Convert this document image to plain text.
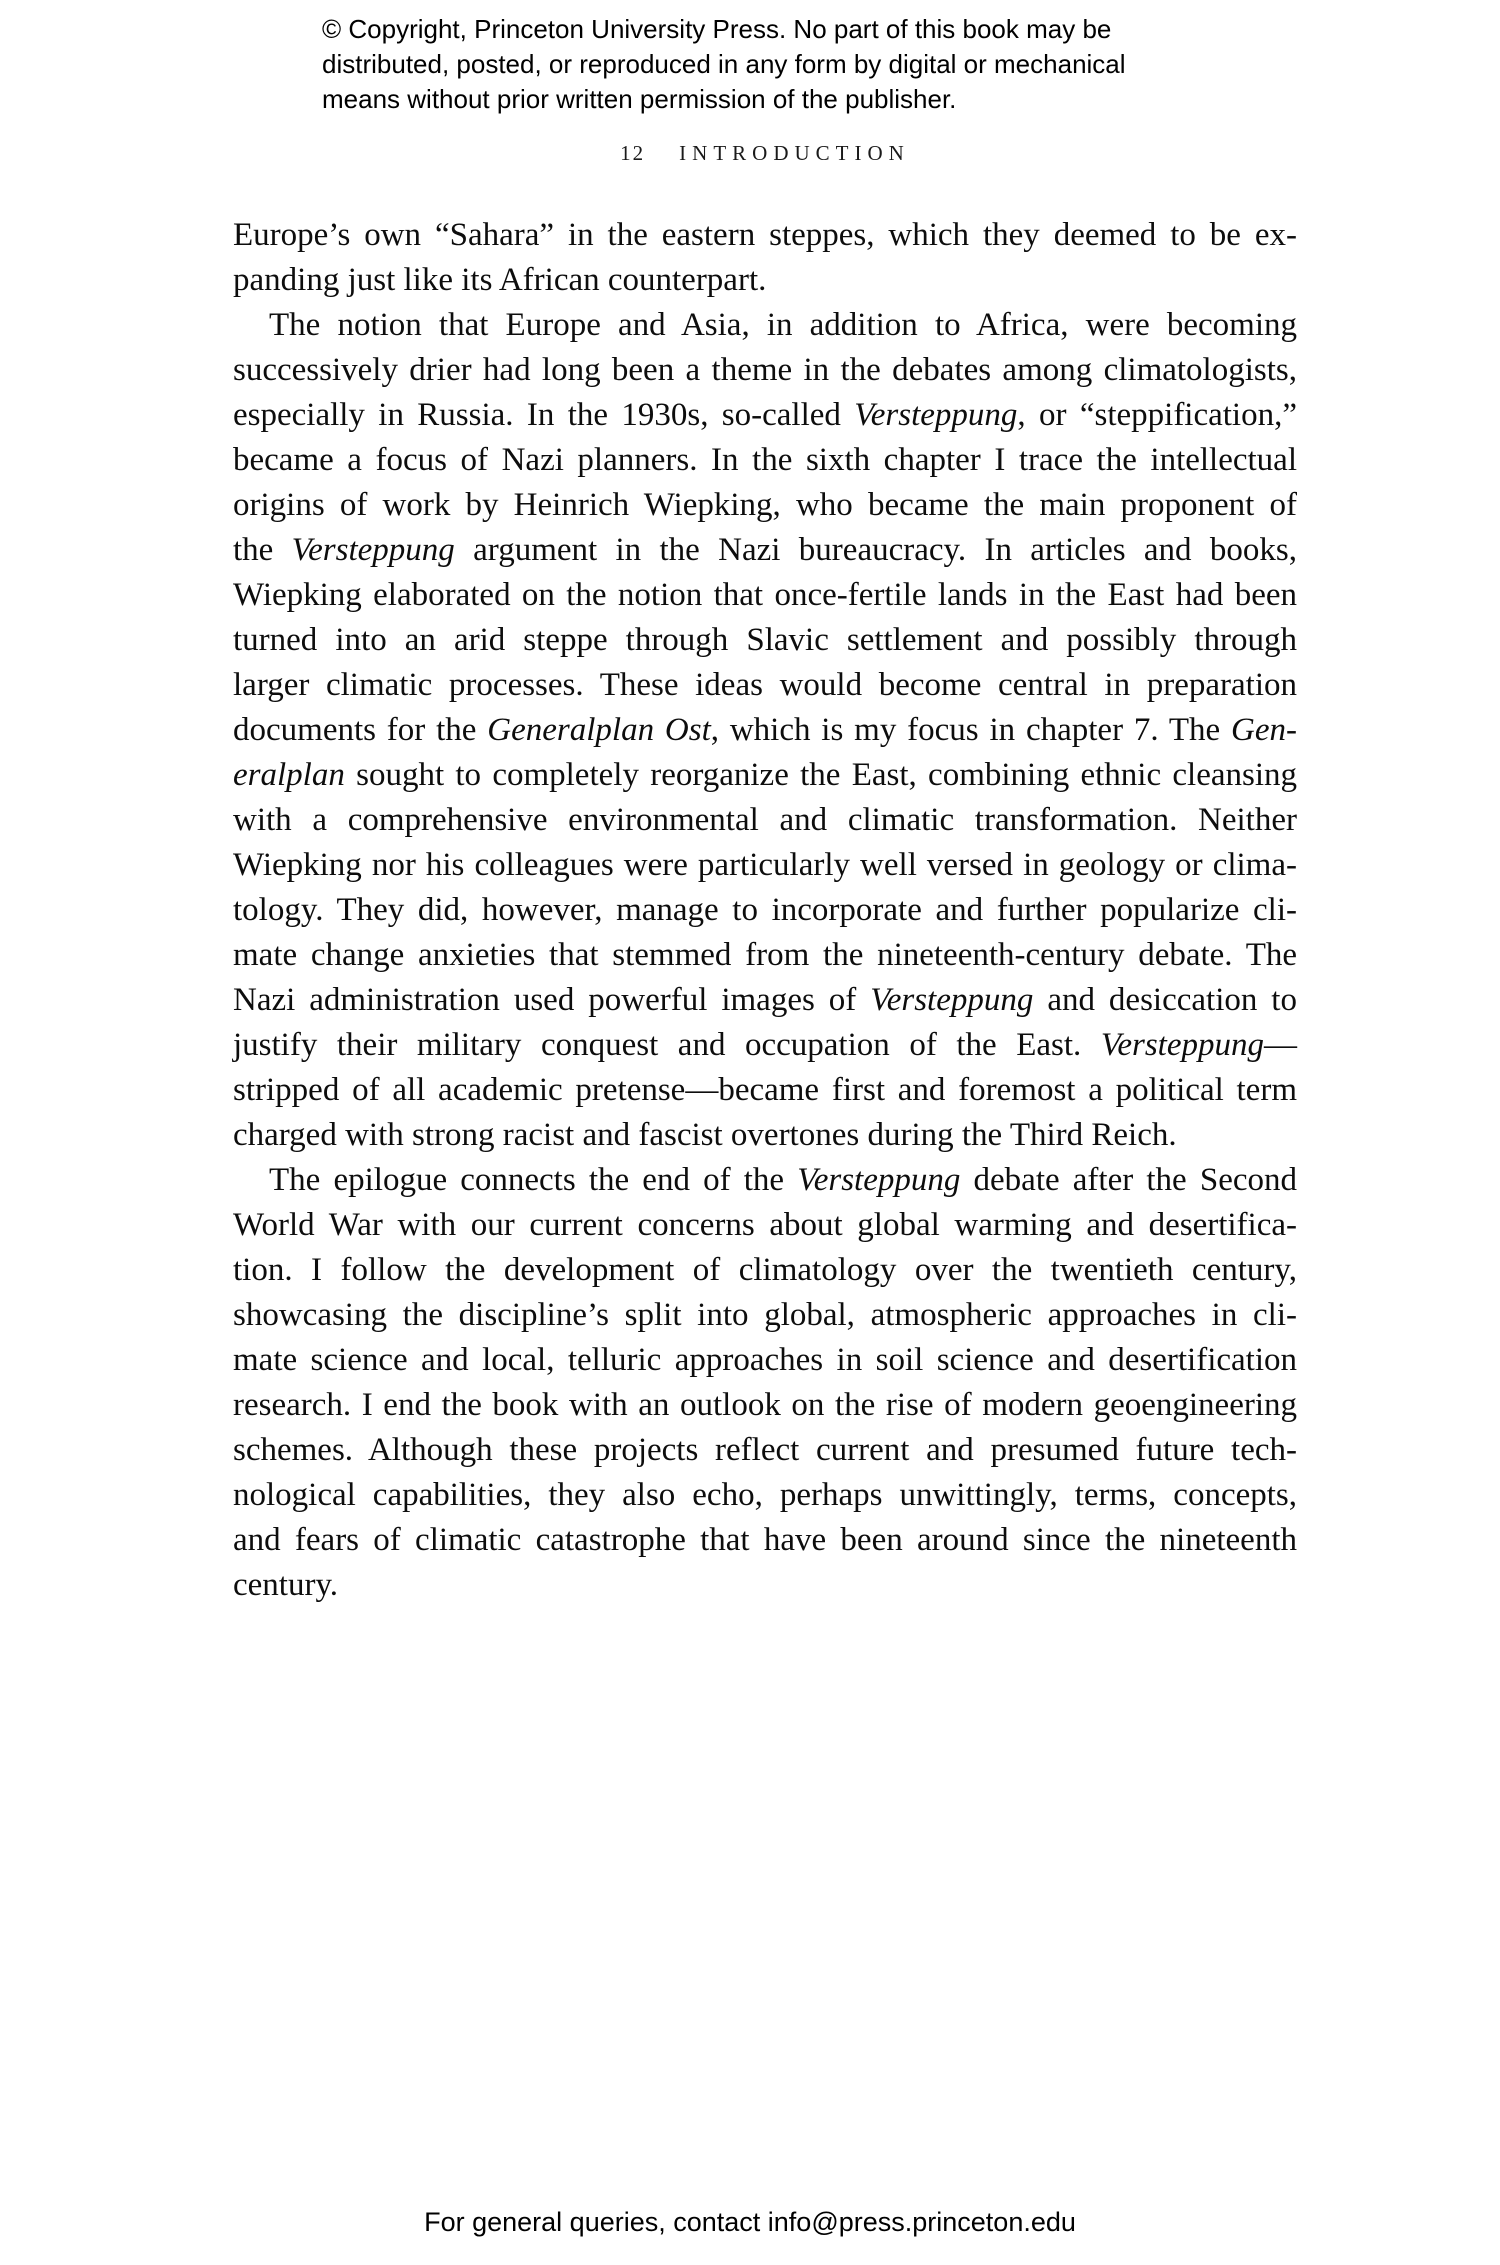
© Copyright, Princeton University Press. No part of this book may be
distributed, posted, or reproduced in any form by digital or mechanical
means without prior written permission of the publisher.
12 INTRODUCTION
Europe’s own “Sahara” in the eastern steppes, which they deemed to be ex-
panding just like its African counterpart.
The notion that Europe and Asia, in addition to Africa, were becoming
successively drier had long been a theme in the debates among climatologists,
especially in Russia. In the 1930s, so-called Versteppung, or “steppification,”
became a focus of Nazi planners. In the sixth chapter I trace the intellectual
origins of work by Heinrich Wiepking, who became the main proponent of
the Versteppung argument in the Nazi bureaucracy. In articles and books,
Wiepking elaborated on the notion that once-fertile lands in the East had been
turned into an arid steppe through Slavic settlement and possibly through
larger climatic processes. These ideas would become central in preparation
documents for the Generalplan Ost, which is my focus in chapter 7. The Gen-
eralplan sought to completely reorganize the East, combining ethnic cleansing
with a comprehensive environmental and climatic transformation. Neither
Wiepking nor his colleagues were particularly well versed in geology or clima-
tology. They did, however, manage to incorporate and further popularize cli-
mate change anxieties that stemmed from the nineteenth-century debate. The
Nazi administration used powerful images of Versteppung and desiccation to
justify their military conquest and occupation of the East. Versteppung—
stripped of all academic pretense—became first and foremost a political term
charged with strong racist and fascist overtones during the Third Reich.
The epilogue connects the end of the Versteppung debate after the Second
World War with our current concerns about global warming and desertifica-
tion. I follow the development of climatology over the twentieth century,
showcasing the discipline’s split into global, atmospheric approaches in cli-
mate science and local, telluric approaches in soil science and desertification
research. I end the book with an outlook on the rise of modern geoengineering
schemes. Although these projects reflect current and presumed future tech-
nological capabilities, they also echo, perhaps unwittingly, terms, concepts,
and fears of climatic catastrophe that have been around since the nineteenth
century.
For general queries, contact info@press.princeton.edu
